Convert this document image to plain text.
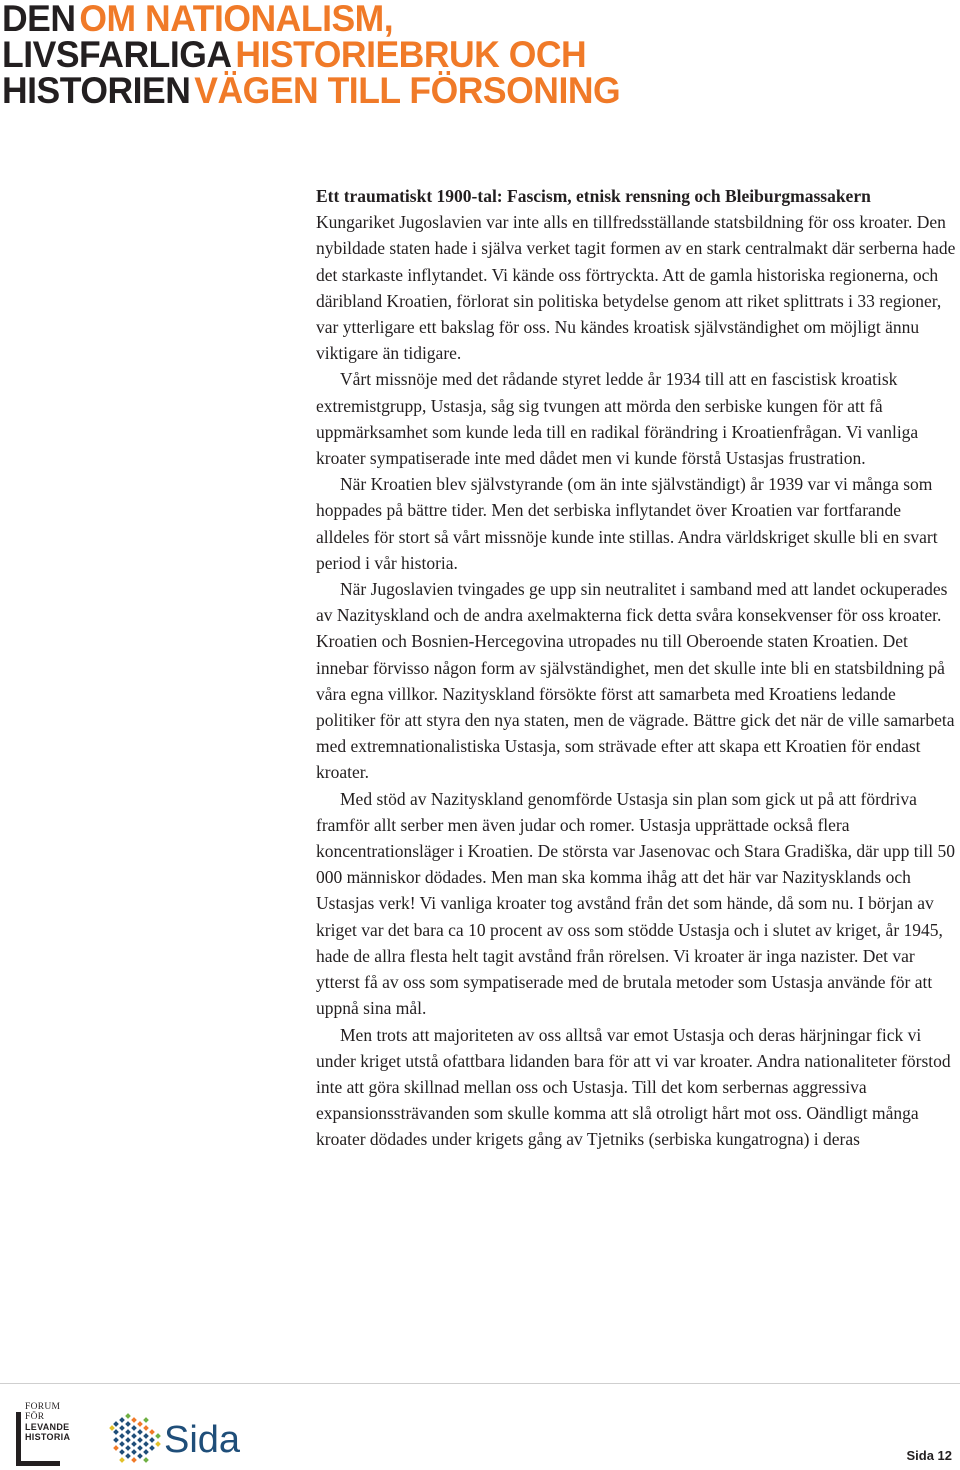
DEN OM NATIONALISM,
LIVSFARLIGA HISTORIEBRUK OCH
HISTORIEN VÄGEN TILL FÖRSONING
Ett traumatiskt 1900-tal: Fascism, etnisk rensning och Bleiburgmassakern

Kungariket Jugoslavien var inte alls en tillfredsställande statsbildning för oss kroater. Den nybildade staten hade i själva verket tagit formen av en stark centralmakt där serberna hade det starkaste inflytandet. Vi kände oss förtryckta. Att de gamla historiska regionerna, och däribland Kroatien, förlorat sin politiska betydelse genom att riket splittrats i 33 regioner, var ytterligare ett bakslag för oss. Nu kändes kroatisk självständighet om möjligt ännu viktigare än tidigare.

Vårt missnöje med det rådande styret ledde år 1934 till att en fascistisk kroatisk extremistgrupp, Ustasja, såg sig tvungen att mörda den serbiske kungen för att få uppmärksamhet som kunde leda till en radikal förändring i Kroatienfrågan. Vi vanliga kroater sympatiserade inte med dådet men vi kunde förstå Ustasjas frustration.

När Kroatien blev självstyrande (om än inte självständigt) år 1939 var vi många som hoppades på bättre tider. Men det serbiska inflytandet över Kroatien var fortfarande alldeles för stort så vårt missnöje kunde inte stillas. Andra världskriget skulle bli en svart period i vår historia.

När Jugoslavien tvingades ge upp sin neutralitet i samband med att landet ockuperades av Nazityskland och de andra axelmakterna fick detta svåra konsekvenser för oss kroater. Kroatien och Bosnien-Hercegovina utropades nu till Oberoende staten Kroatien. Det innebar förvisso någon form av självständighet, men det skulle inte bli en statsbildning på våra egna villkor. Nazityskland försökte först att samarbeta med Kroatiens ledande politiker för att styra den nya staten, men de vägrade. Bättre gick det när de ville samarbeta med extremnationalistiska Ustasja, som strävade efter att skapa ett Kroatien för endast kroater.

Med stöd av Nazityskland genomförde Ustasja sin plan som gick ut på att fördriva framför allt serber men även judar och romer. Ustasja upprättade också flera koncentrationsläger i Kroatien. De största var Jasenovac och Stara Gradiška, där upp till 50 000 människor dödades. Men man ska komma ihåg att det här var Nazitysklands och Ustasjas verk! Vi vanliga kroater tog avstånd från det som hände, då som nu. I början av kriget var det bara ca 10 procent av oss som stödde Ustasja och i slutet av kriget, år 1945, hade de allra flesta helt tagit avstånd från rörelsen. Vi kroater är inga nazister. Det var ytterst få av oss som sympatiserade med de brutala metoder som Ustasja använde för att uppnå sina mål.

Men trots att majoriteten av oss alltså var emot Ustasja och deras härjningar fick vi under kriget utstå ofattbara lidanden bara för att vi var kroater. Andra nationaliteter förstod inte att göra skillnad mellan oss och Ustasja. Till det kom serbernas aggressiva expansionssträvanden som skulle komma att slå otroligt hårt mot oss. Oändligt många kroater dödades under krigets gång av Tjetniks (serbiska kungatrogna) i deras

FORUM
FÖR
LEVANDE
HISTORIA Sida	Sida 12
